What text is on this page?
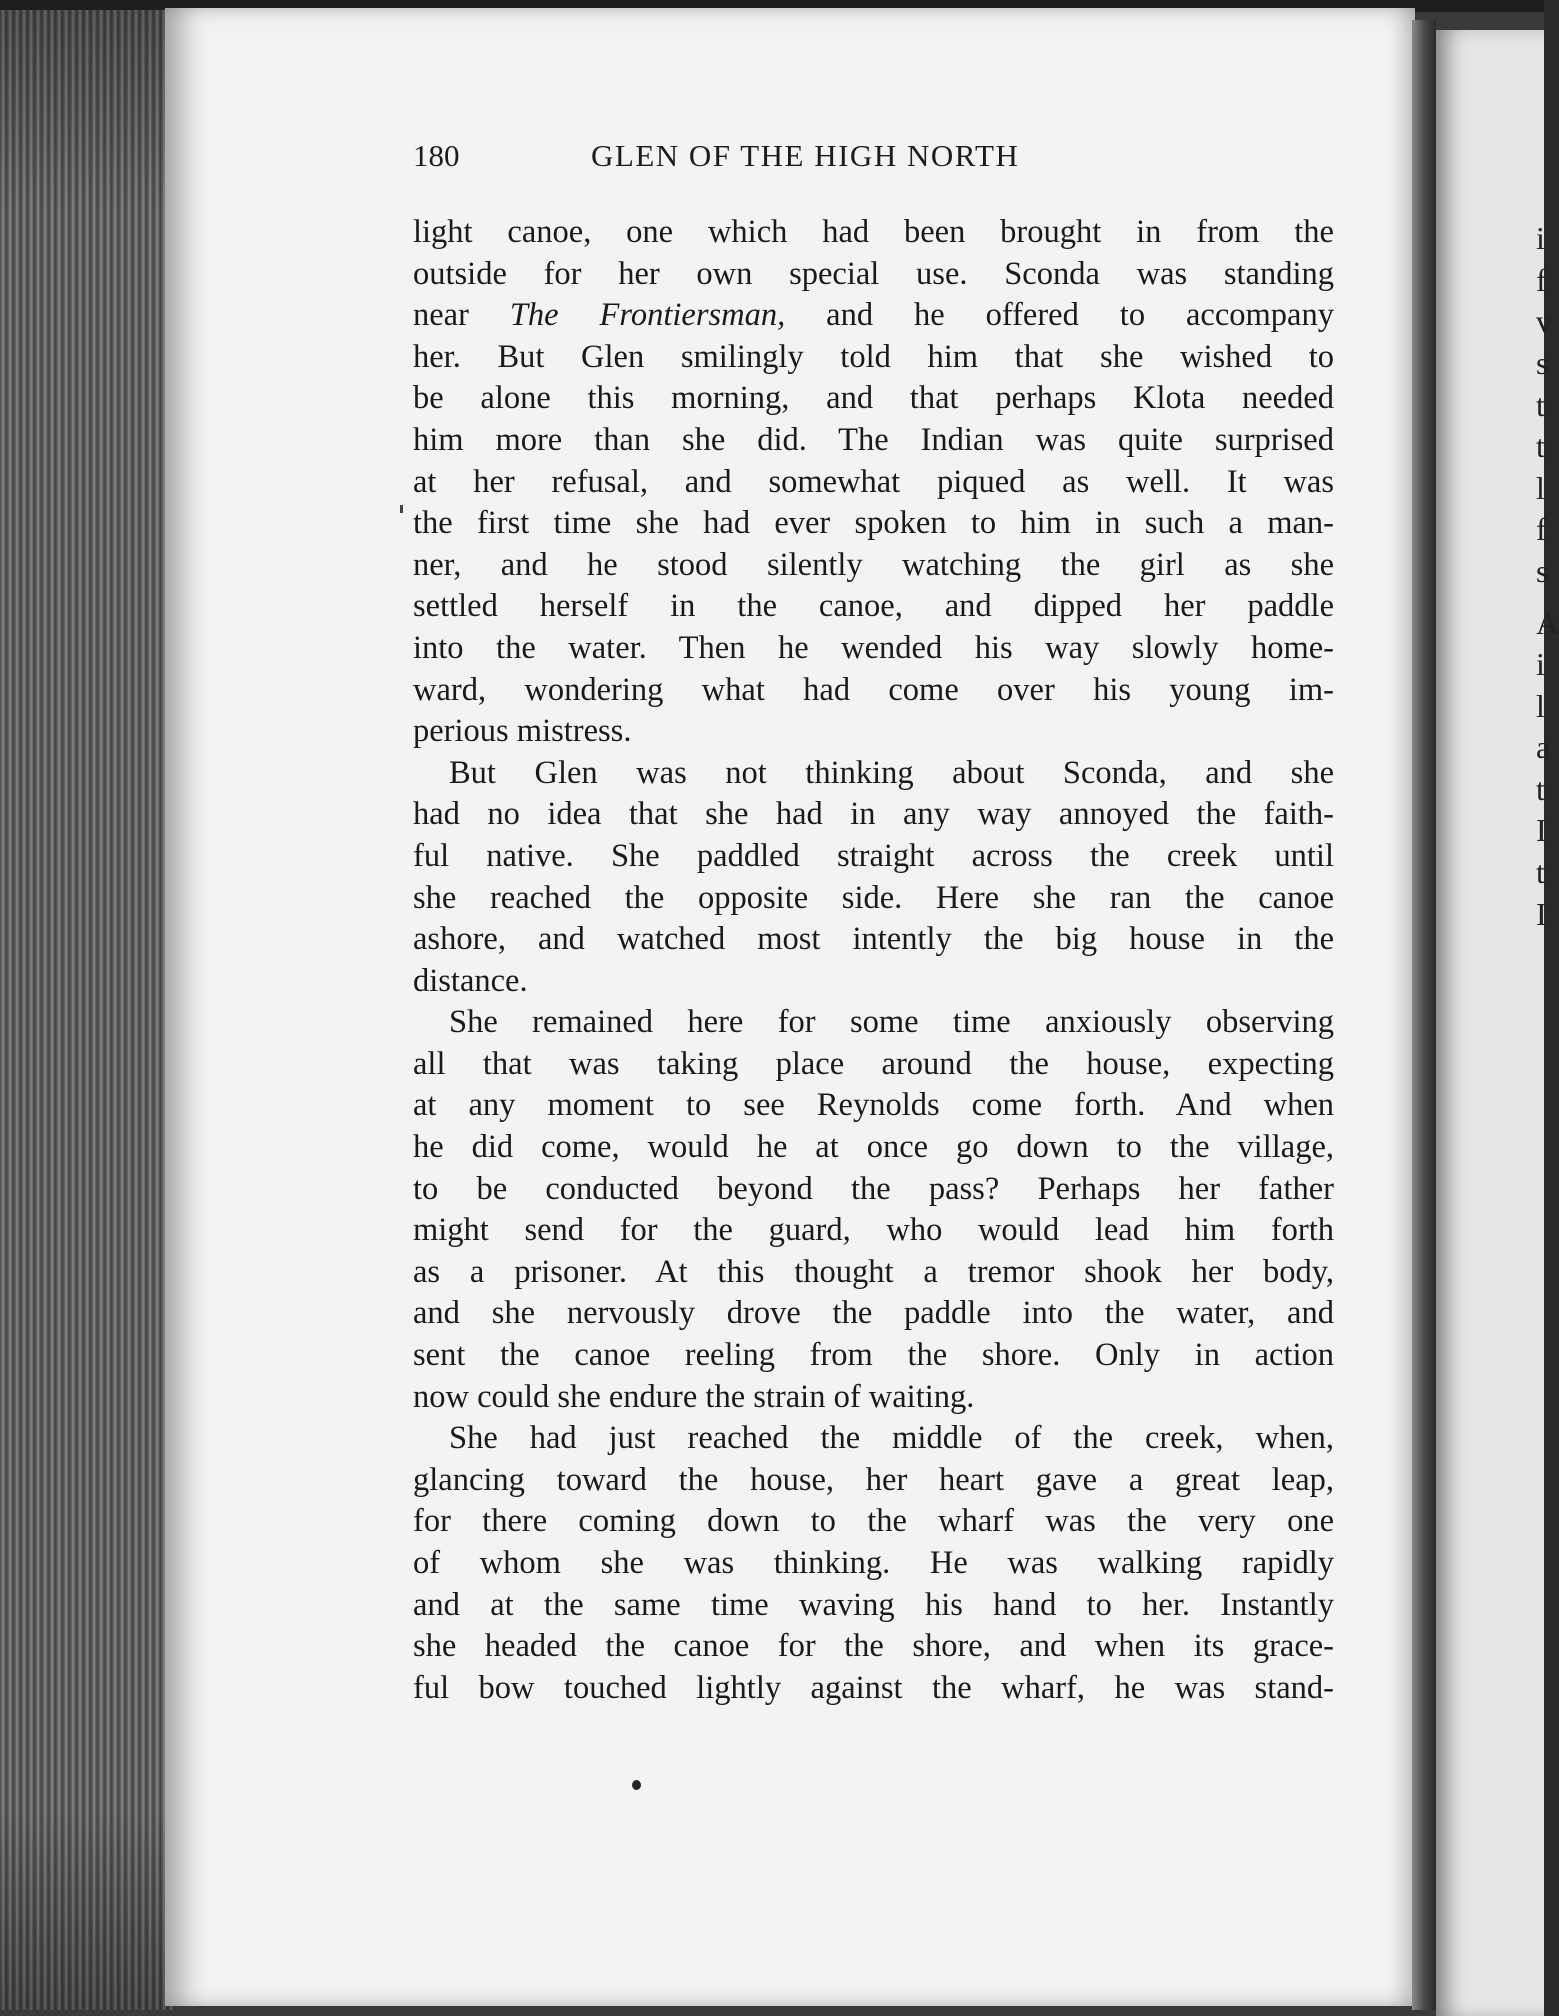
i
f
v
s
t
t
l
f
s
A
i
l
a
t
I
t
I
180	GLEN OF THE HIGH NORTH
light canoe, one which had been brought in from the
outside for her own special use. Sconda was standing
near The Frontiersman, and he offered to accompany
her. But Glen smilingly told him that she wished to
be alone this morning, and that perhaps Klota needed
him more than she did. The Indian was quite surprised
at her refusal, and somewhat piqued as well. It was
the first time she had ever spoken to him in such a man-
ner, and he stood silently watching the girl as she
settled herself in the canoe, and dipped her paddle
into the water. Then he wended his way slowly home-
ward, wondering what had come over his young im-
perious mistress.
But Glen was not thinking about Sconda, and she
had no idea that she had in any way annoyed the faith-
ful native. She paddled straight across the creek until
she reached the opposite side. Here she ran the canoe
ashore, and watched most intently the big house in the
distance.
She remained here for some time anxiously observing
all that was taking place around the house, expecting
at any moment to see Reynolds come forth. And when
he did come, would he at once go down to the village,
to be conducted beyond the pass? Perhaps her father
might send for the guard, who would lead him forth
as a prisoner. At this thought a tremor shook her body,
and she nervously drove the paddle into the water, and
sent the canoe reeling from the shore. Only in action
now could she endure the strain of waiting.
She had just reached the middle of the creek, when,
glancing toward the house, her heart gave a great leap,
for there coming down to the wharf was the very one
of whom she was thinking. He was walking rapidly
and at the same time waving his hand to her. Instantly
she headed the canoe for the shore, and when its grace-
ful bow touched lightly against the wharf, he was stand-
